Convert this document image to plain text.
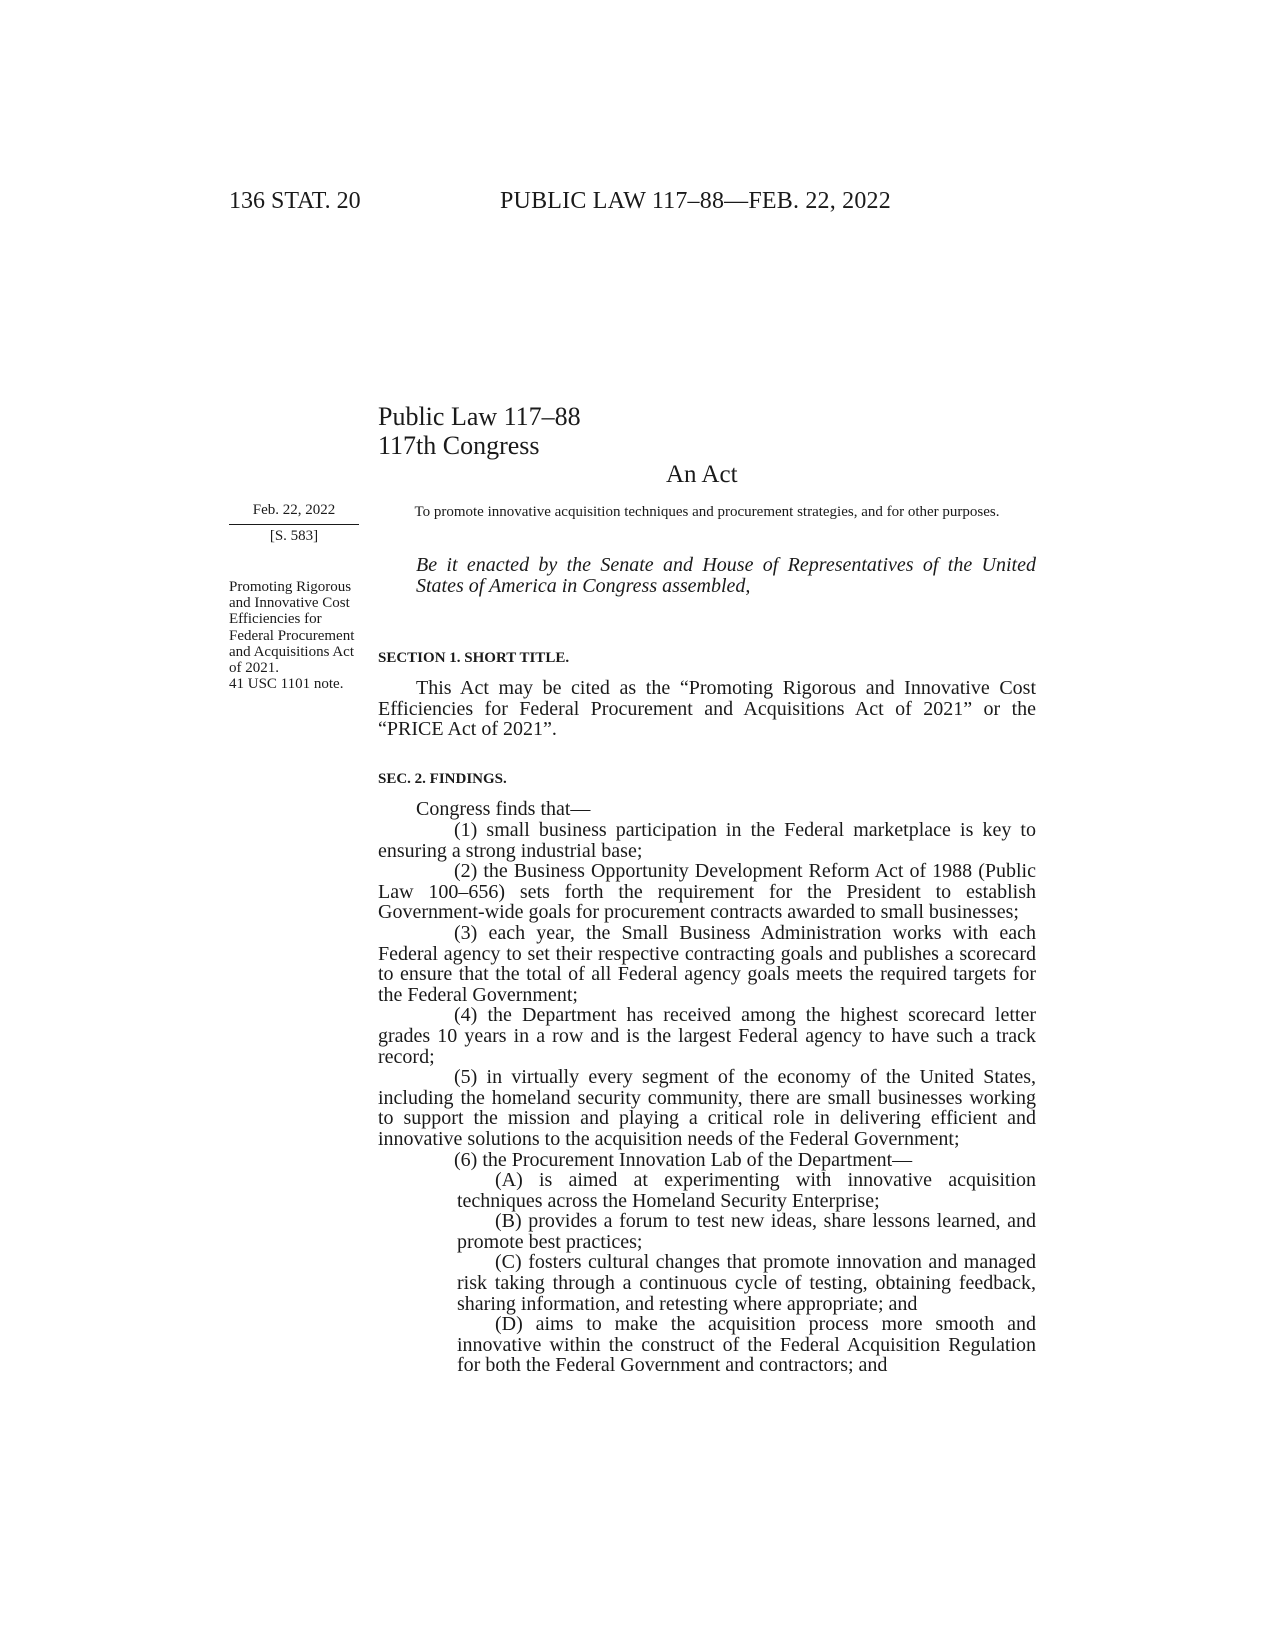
136 STAT. 20	PUBLIC LAW 117–88—FEB. 22, 2022
Public Law 117–88
117th Congress
An Act
Feb. 22, 2022
[S. 583]
Promoting Rigorous and Innovative Cost Efficiencies for Federal Procurement and Acquisitions Act of 2021.
41 USC 1101 note.
To promote innovative acquisition techniques and procurement strategies, and for other purposes.
Be it enacted by the Senate and House of Representatives of the United States of America in Congress assembled,
SECTION 1. SHORT TITLE.
This Act may be cited as the “Promoting Rigorous and Innovative Cost Efficiencies for Federal Procurement and Acquisitions Act of 2021” or the “PRICE Act of 2021”.
SEC. 2. FINDINGS.
Congress finds that—

(1) small business participation in the Federal marketplace is key to ensuring a strong industrial base;

(2) the Business Opportunity Development Reform Act of 1988 (Public Law 100–656) sets forth the requirement for the President to establish Government-wide goals for procurement contracts awarded to small businesses;

(3) each year, the Small Business Administration works with each Federal agency to set their respective contracting goals and publishes a scorecard to ensure that the total of all Federal agency goals meets the required targets for the Federal Government;

(4) the Department has received among the highest scorecard letter grades 10 years in a row and is the largest Federal agency to have such a track record;

(5) in virtually every segment of the economy of the United States, including the homeland security community, there are small businesses working to support the mission and playing a critical role in delivering efficient and innovative solutions to the acquisition needs of the Federal Government;

(6) the Procurement Innovation Lab of the Department—

(A) is aimed at experimenting with innovative acquisition techniques across the Homeland Security Enterprise;

(B) provides a forum to test new ideas, share lessons learned, and promote best practices;

(C) fosters cultural changes that promote innovation and managed risk taking through a continuous cycle of testing, obtaining feedback, sharing information, and retesting where appropriate; and

(D) aims to make the acquisition process more smooth and innovative within the construct of the Federal Acquisition Regulation for both the Federal Government and contractors; and
